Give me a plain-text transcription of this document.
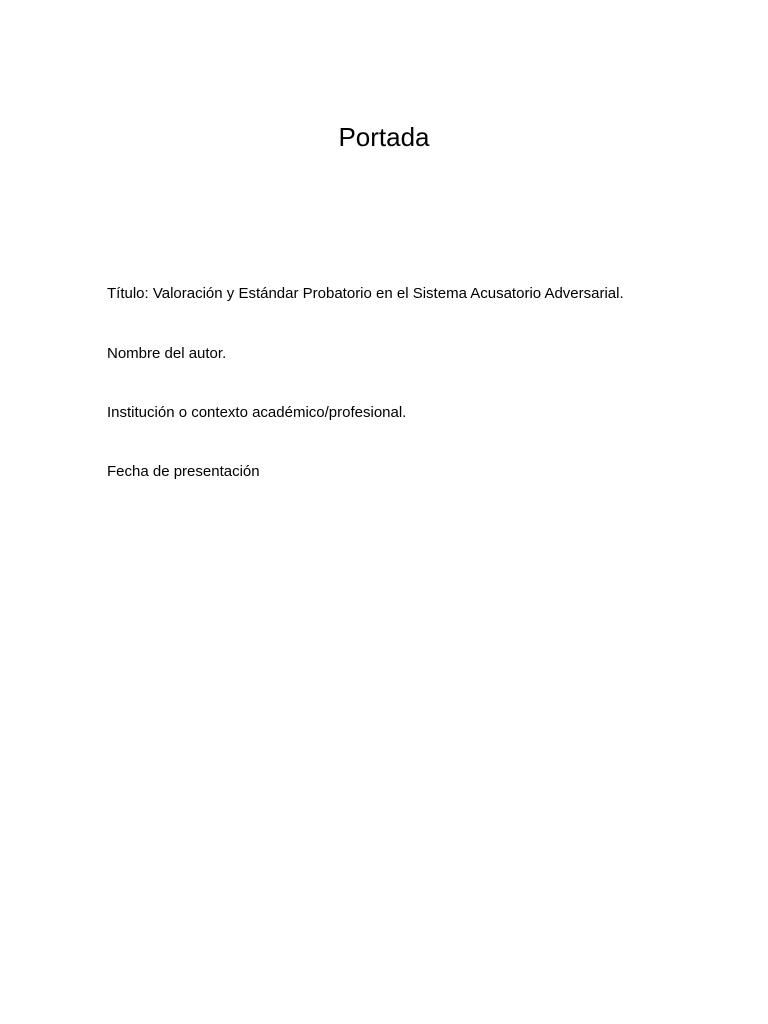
Portada

Título: Valoración y Estándar Probatorio en el Sistema Acusatorio Adversarial.

Nombre del autor.

Institución o contexto académico/profesional.

Fecha de presentación
